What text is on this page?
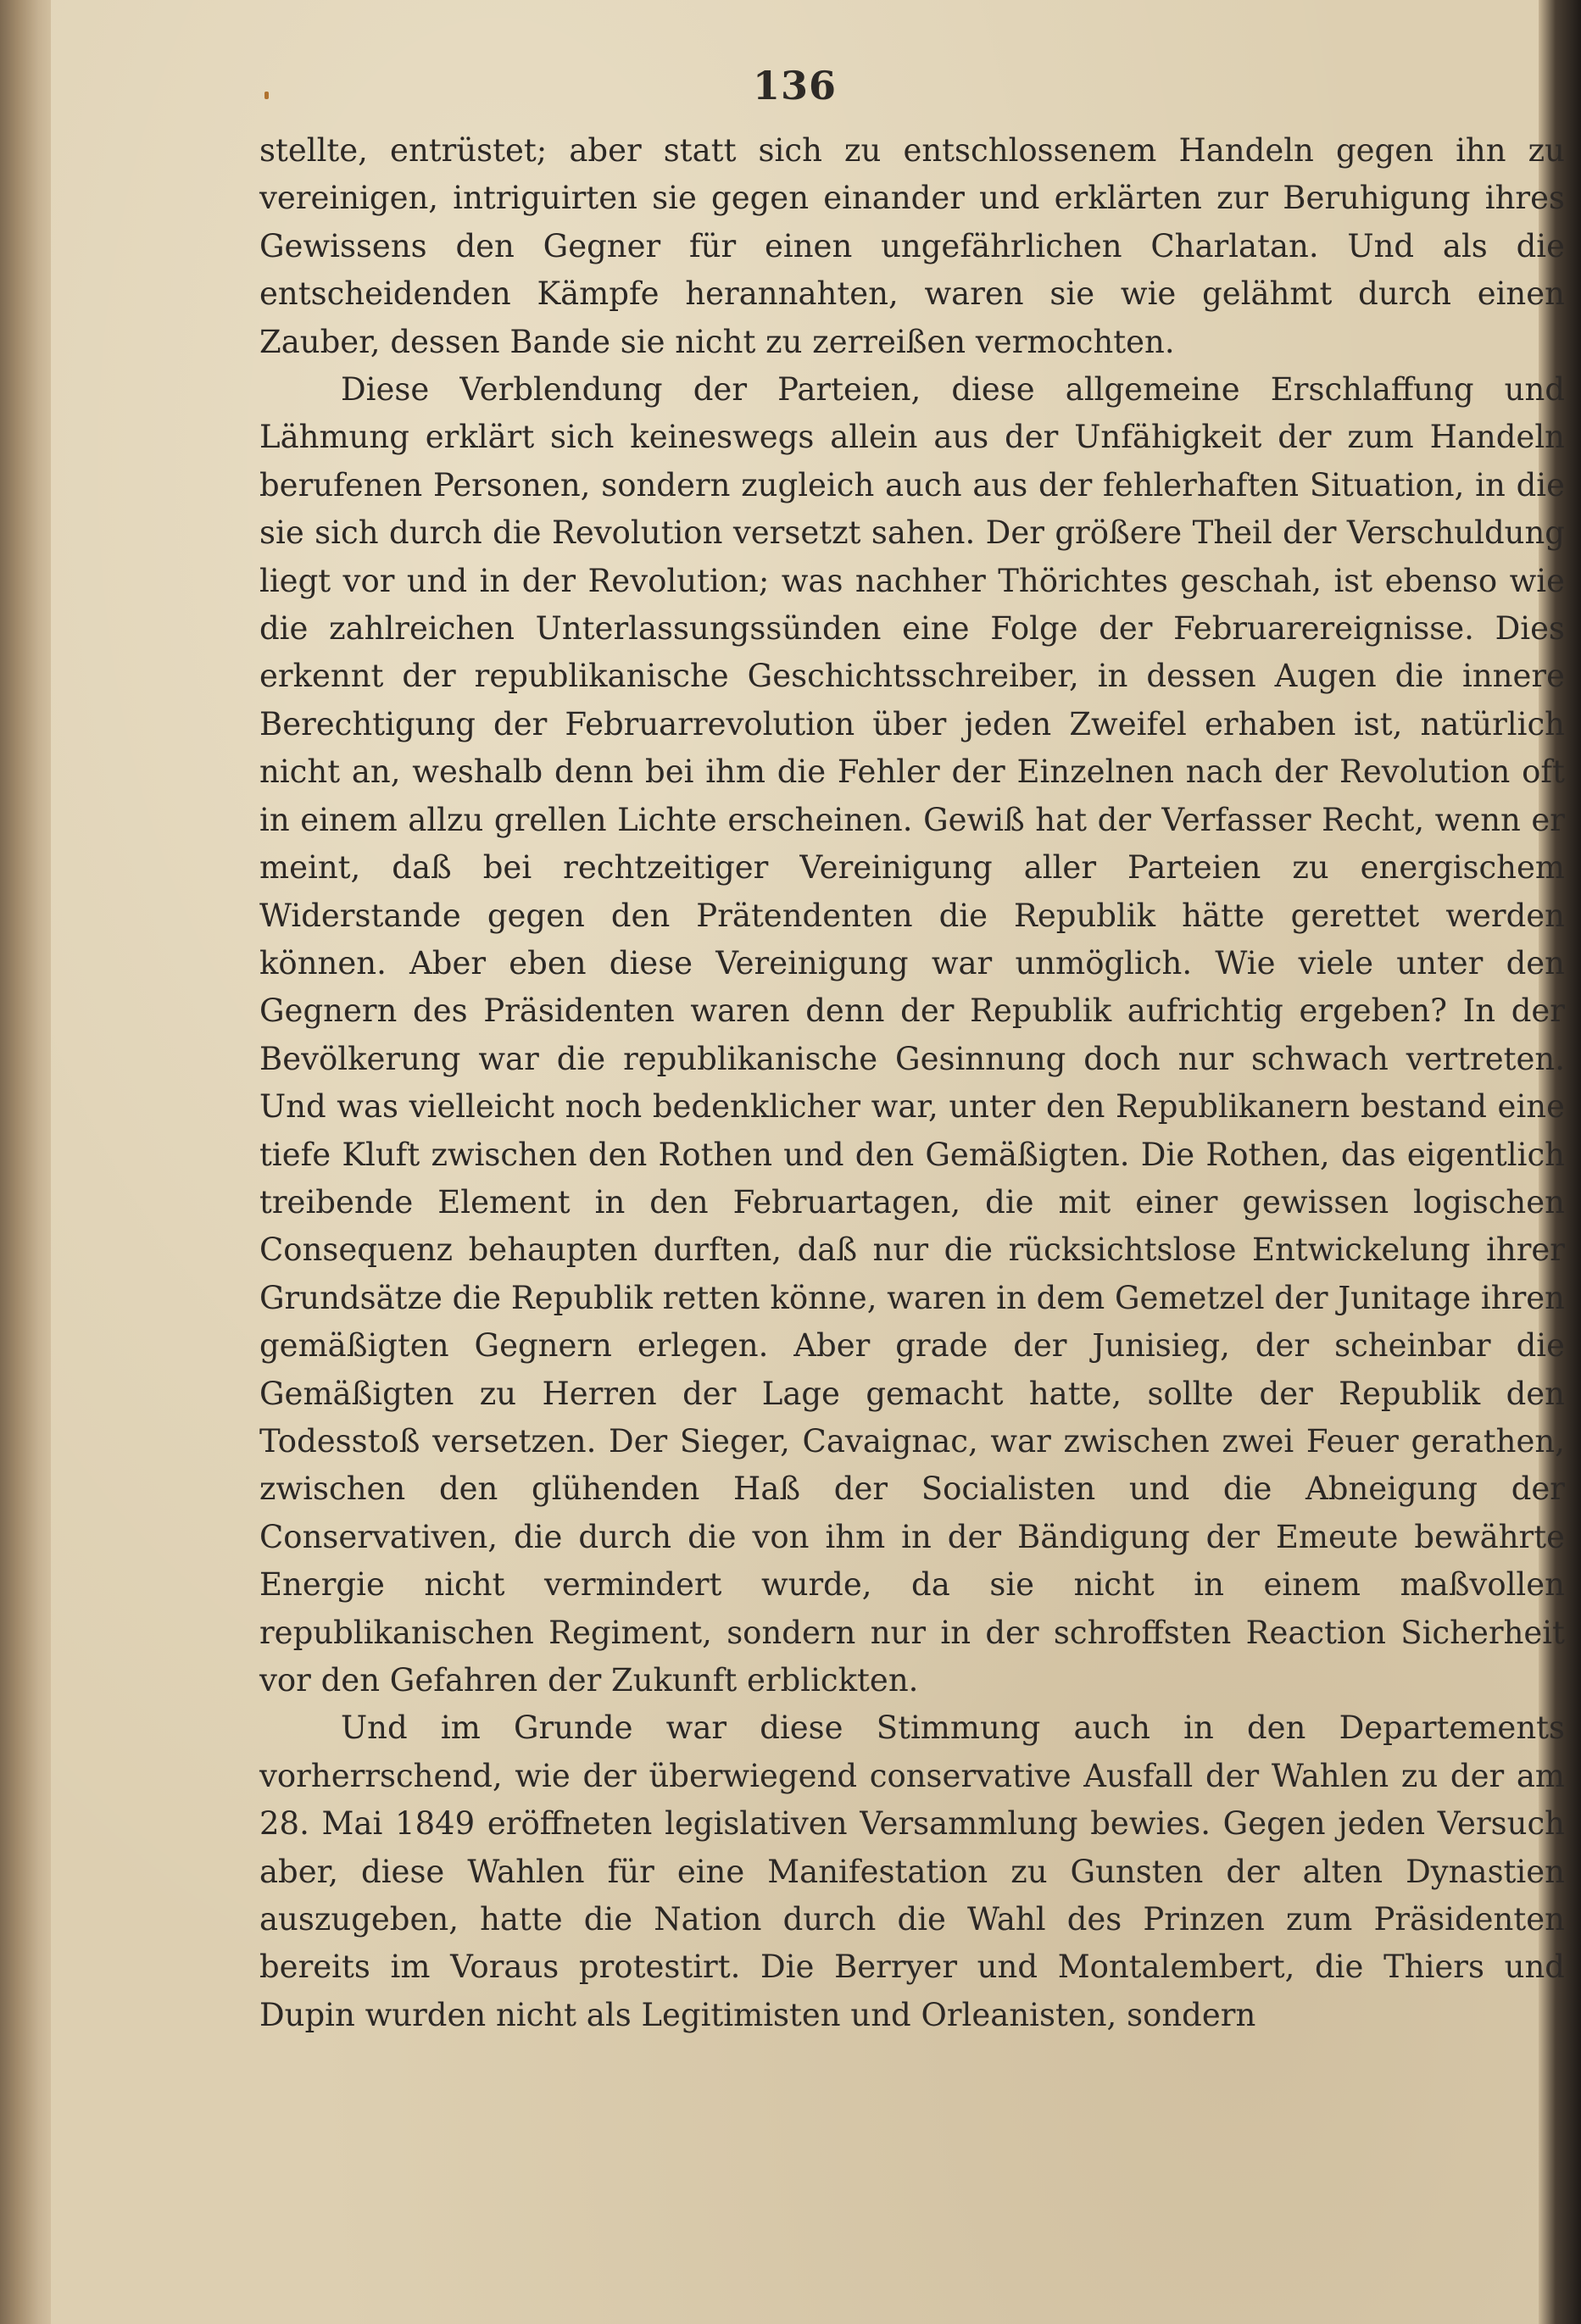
136

stellte, entrüstet; aber statt sich zu entschlossenem Handeln gegen ihn zu vereinigen, intriguirten sie gegen einander und erklärten zur Beruhigung ihres Gewissens den Gegner für einen ungefährlichen Charlatan. Und als die entscheidenden Kämpfe herannahten, waren sie wie gelähmt durch einen Zauber, dessen Bande sie nicht zu zerreißen vermochten.

Diese Verblendung der Parteien, diese allgemeine Erschlaffung und Lähmung erklärt sich keineswegs allein aus der Unfähigkeit der zum Handeln berufenen Personen, sondern zugleich auch aus der fehlerhaften Situation, in die sie sich durch die Revolution versetzt sahen. Der größere Theil der Verschuldung liegt vor und in der Revolution; was nachher Thörichtes geschah, ist ebenso wie die zahlreichen Unterlassungssünden eine Folge der Februarereignisse. Dies erkennt der republikanische Geschichtsschreiber, in dessen Augen die innere Berechtigung der Februarrevolution über jeden Zweifel erhaben ist, natürlich nicht an, weshalb denn bei ihm die Fehler der Einzelnen nach der Revolution oft in einem allzu grellen Lichte erscheinen. Gewiß hat der Verfasser Recht, wenn er meint, daß bei rechtzeitiger Vereinigung aller Parteien zu energischem Widerstande gegen den Prätendenten die Republik hätte gerettet werden können. Aber eben diese Vereinigung war unmöglich. Wie viele unter den Gegnern des Präsidenten waren denn der Republik aufrichtig ergeben? In der Bevölkerung war die republikanische Gesinnung doch nur schwach vertreten. Und was vielleicht noch bedenklicher war, unter den Republikanern bestand eine tiefe Kluft zwischen den Rothen und den Gemäßigten. Die Rothen, das eigentlich treibende Element in den Februartagen, die mit einer gewissen logischen Consequenz behaupten durften, daß nur die rücksichtslose Entwickelung ihrer Grundsätze die Republik retten könne, waren in dem Gemetzel der Junitage ihren gemäßigten Gegnern erlegen. Aber grade der Junisieg, der scheinbar die Gemäßigten zu Herren der Lage gemacht hatte, sollte der Republik den Todesstoß versetzen. Der Sieger, Cavaignac, war zwischen zwei Feuer gerathen, zwischen den glühenden Haß der Socialisten und die Abneigung der Conservativen, die durch die von ihm in der Bändigung der Emeute bewährte Energie nicht vermindert wurde, da sie nicht in einem maßvollen republikanischen Regiment, sondern nur in der schroffsten Reaction Sicherheit vor den Gefahren der Zukunft erblickten.

Und im Grunde war diese Stimmung auch in den Departements vorherrschend, wie der überwiegend conservative Ausfall der Wahlen zu der am 28. Mai 1849 eröffneten legislativen Versammlung bewies. Gegen jeden Versuch aber, diese Wahlen für eine Manifestation zu Gunsten der alten Dynastien auszugeben, hatte die Nation durch die Wahl des Prinzen zum Präsidenten bereits im Voraus protestirt. Die Berryer und Montalembert, die Thiers und Dupin wurden nicht als Legitimisten und Orleanisten, sondern
